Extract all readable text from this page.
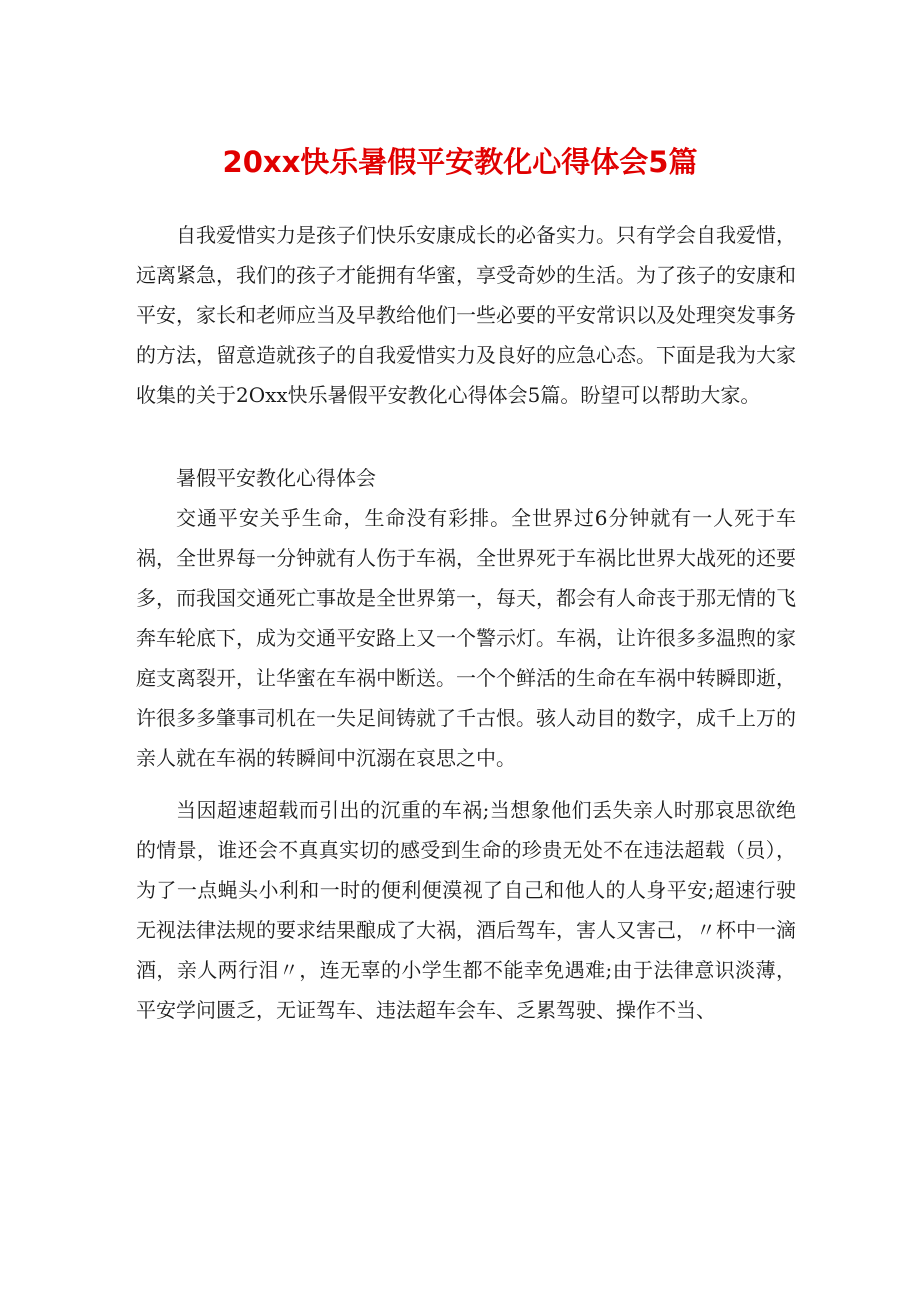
20xx快乐暑假平安教化心得体会5篇

自我爱惜实力是孩子们快乐安康成长的必备实力。只有学会自我爱惜，远离紧急，我们的孩子才能拥有华蜜，享受奇妙的生活。为了孩子的安康和平安，家长和老师应当及早教给他们一些必要的平安常识以及处理突发事务的方法，留意造就孩子的自我爱惜实力及良好的应急心态。下面是我为大家收集的关于2Oxx快乐暑假平安教化心得体会5篇。盼望可以帮助大家。

暑假平安教化心得体会

交通平安关乎生命，生命没有彩排。全世界过6分钟就有一人死于车祸，全世界每一分钟就有人伤于车祸，全世界死于车祸比世界大战死的还要多，而我国交通死亡事故是全世界第一，每天，都会有人命丧于那无情的飞奔车轮底下，成为交通平安路上又一个警示灯。车祸，让许很多多温煦的家庭支离裂开，让华蜜在车祸中断送。一个个鲜活的生命在车祸中转瞬即逝，许很多多肇事司机在一失足间铸就了千古恨。骇人动目的数字，成千上万的亲人就在车祸的转瞬间中沉溺在哀思之中。

当因超速超载而引出的沉重的车祸;当想象他们丢失亲人时那哀思欲绝的情景，谁还会不真真实切的感受到生命的珍贵无处不在违法超载（员），为了一点蝇头小利和一时的便利便漠视了自己和他人的人身平安;超速行驶无视法律法规的要求结果酿成了大祸，酒后驾车，害人又害己，〃杯中一滴酒，亲人两行泪〃，连无辜的小学生都不能幸免遇难;由于法律意识淡薄，平安学问匮乏，无证驾车、违法超车会车、乏累驾驶、操作不当、
